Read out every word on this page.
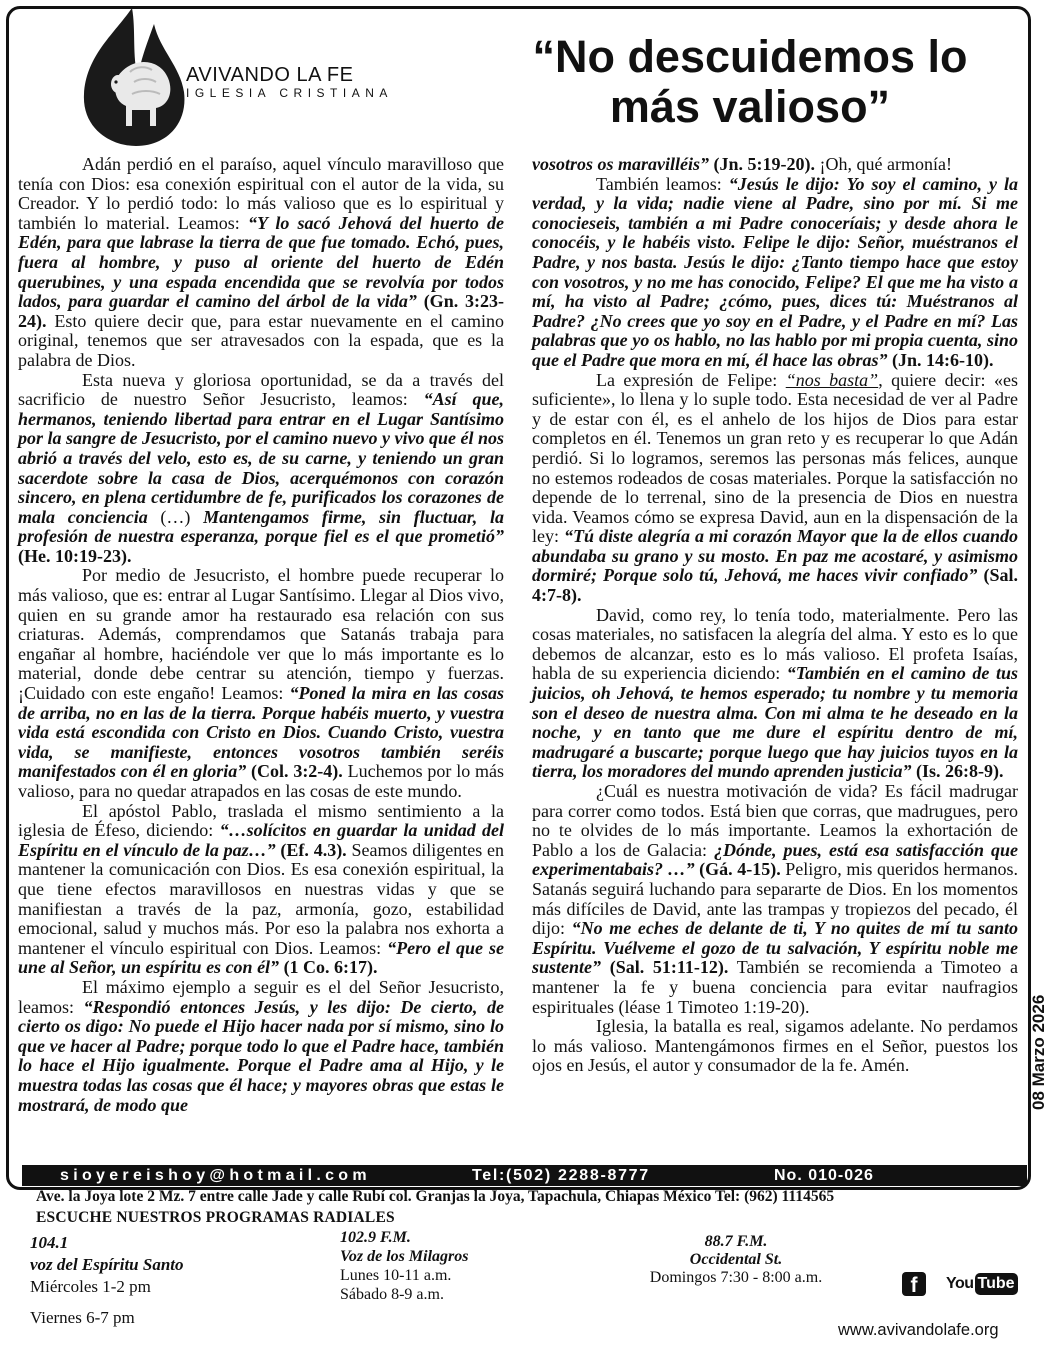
AVIVANDO LA FE
IGLESIA CRISTIANA
“No descuidemos lo más valioso”

Adán perdió en el paraíso, aquel vínculo maravilloso que tenía con Dios: esa conexión espiritual con el autor de la vida, su Creador. Y lo perdió todo: lo más valioso que es lo espiritual y también lo material. Leamos: “Y lo sacó Jehová del huerto de Edén, para que labrase la tierra de que fue tomado. Echó, pues, fuera al hombre, y puso al oriente del huerto de Edén querubines, y una espada encendida que se revolvía por todos lados, para guardar el camino del árbol de la vida” (Gn. 3:23-24). Esto quiere decir que, para estar nuevamente en el camino original, tenemos que ser atravesados con la espada, que es la palabra de Dios.

Esta nueva y gloriosa oportunidad, se da a través del sacrificio de nuestro Señor Jesucristo, leamos: “Así que, hermanos, teniendo libertad para entrar en el Lugar Santísimo por la sangre de Jesucristo, por el camino nuevo y vivo que él nos abrió a través del velo, esto es, de su carne, y teniendo un gran sacerdote sobre la casa de Dios, acerquémonos con corazón sincero, en plena certidumbre de fe, purificados los corazones de mala conciencia (…) Mantengamos firme, sin fluctuar, la profesión de nuestra esperanza, porque fiel es el que prometió” (He. 10:19-23).

Por medio de Jesucristo, el hombre puede recuperar lo más valioso, que es: entrar al Lugar Santísimo. Llegar al Dios vivo, quien en su grande amor ha restaurado esa relación con sus criaturas. Además, comprendamos que Satanás trabaja para engañar al hombre, haciéndole ver que lo más importante es lo material, donde debe centrar su atención, tiempo y fuerzas. ¡Cuidado con este engaño! Leamos: “Poned la mira en las cosas de arriba, no en las de la tierra. Porque habéis muerto, y vuestra vida está escondida con Cristo en Dios. Cuando Cristo, vuestra vida, se manifieste, entonces vosotros también seréis manifestados con él en gloria” (Col. 3:2-4). Luchemos por lo más valioso, para no quedar atrapados en las cosas de este mundo.

El apóstol Pablo, traslada el mismo sentimiento a la iglesia de Éfeso, diciendo: “…solícitos en guardar la unidad del Espíritu en el vínculo de la paz…” (Ef. 4.3). Seamos diligentes en mantener la comunicación con Dios. Es esa conexión espiritual, la que tiene efectos maravillosos en nuestras vidas y que se manifiestan a través de la paz, armonía, gozo, estabilidad emocional, salud y muchos más. Por eso la palabra nos exhorta a mantener el vínculo espiritual con Dios. Leamos: “Pero el que se une al Señor, un espíritu es con él” (1 Co. 6:17).

El máximo ejemplo a seguir es el del Señor Jesucristo, leamos: “Respondió entonces Jesús, y les dijo: De cierto, de cierto os digo: No puede el Hijo hacer nada por sí mismo, sino lo que ve hacer al Padre; porque todo lo que el Padre hace, también lo hace el Hijo igualmente. Porque el Padre ama al Hijo, y le muestra todas las cosas que él hace; y mayores obras que estas le mostrará, de modo que

vosotros os maravilléis” (Jn. 5:19-20). ¡Oh, qué armonía!

También leamos: “Jesús le dijo: Yo soy el camino, y la verdad, y la vida; nadie viene al Padre, sino por mí. Si me conocieseis, también a mi Padre conoceríais; y desde ahora le conocéis, y le habéis visto. Felipe le dijo: Señor, muéstranos el Padre, y nos basta. Jesús le dijo: ¿Tanto tiempo hace que estoy con vosotros, y no me has conocido, Felipe? El que me ha visto a mí, ha visto al Padre; ¿cómo, pues, dices tú: Muéstranos al Padre? ¿No crees que yo soy en el Padre, y el Padre en mí? Las palabras que yo os hablo, no las hablo por mi propia cuenta, sino que el Padre que mora en mí, él hace las obras” (Jn. 14:6-10).

La expresión de Felipe: “nos basta”, quiere decir: «es suficiente», lo llena y lo suple todo. Esta necesidad de ver al Padre y de estar con él, es el anhelo de los hijos de Dios para estar completos en él. Tenemos un gran reto y es recuperar lo que Adán perdió. Si lo logramos, seremos las personas más felices, aunque no estemos rodeados de cosas materiales. Porque la satisfacción no depende de lo terrenal, sino de la presencia de Dios en nuestra vida. Veamos cómo se expresa David, aun en la dispensación de la ley: “Tú diste alegría a mi corazón Mayor que la de ellos cuando abundaba su grano y su mosto. En paz me acostaré, y asimismo dormiré; Porque solo tú, Jehová, me haces vivir confiado” (Sal. 4:7-8).

David, como rey, lo tenía todo, materialmente. Pero las cosas materiales, no satisfacen la alegría del alma. Y esto es lo que debemos de alcanzar, esto es lo más valioso. El profeta Isaías, habla de su experiencia diciendo: “También en el camino de tus juicios, oh Jehová, te hemos esperado; tu nombre y tu memoria son el deseo de nuestra alma. Con mi alma te he deseado en la noche, y en tanto que me dure el espíritu dentro de mí, madrugaré a buscarte; porque luego que hay juicios tuyos en la tierra, los moradores del mundo aprenden justicia” (Is. 26:8-9).

¿Cuál es nuestra motivación de vida? Es fácil madrugar para correr como todos. Está bien que corras, que madrugues, pero no te olvides de lo más importante. Leamos la exhortación de Pablo a los de Galacia: ¿Dónde, pues, está esa satisfacción que experimentabais? …” (Gá. 4-15). Peligro, mis queridos hermanos. Satanás seguirá luchando para separarte de Dios. En los momentos más difíciles de David, ante las trampas y tropiezos del pecado, él dijo: “No me eches de delante de ti, Y no quites de mí tu santo Espíritu. Vuélveme el gozo de tu salvación, Y espíritu noble me sustente” (Sal. 51:11-12). También se recomienda a Timoteo a mantener la fe y buena conciencia para evitar naufragios espirituales (léase 1 Timoteo 1:19-20).

Iglesia, la batalla es real, sigamos adelante. No perdamos lo más valioso. Mantengámonos firmes en el Señor, puestos los ojos en Jesús, el autor y consumador de la fe. Amén.	08 Marzo 2026
sioyereishoy@hotmail.com	Tel:(502) 2288-8777	No. 010-026
Ave. la Joya lote 2 Mz. 7 entre calle Jade y calle Rubí col. Granjas la Joya, Tapachula, Chiapas México Tel: (962) 1114565
ESCUCHE NUESTROS PROGRAMAS RADIALES
104.1
voz del Espíritu Santo
Miércoles 1-2 pm
Viernes 6-7 pm
102.9 F.M.
Voz de los Milagros
Lunes 10-11 a.m.
Sábado 8-9 a.m.
88.7 F.M.
Occidental St.
Domingos 7:30 - 8:00 a.m.	f	You Tube
www.avivandolafe.org
